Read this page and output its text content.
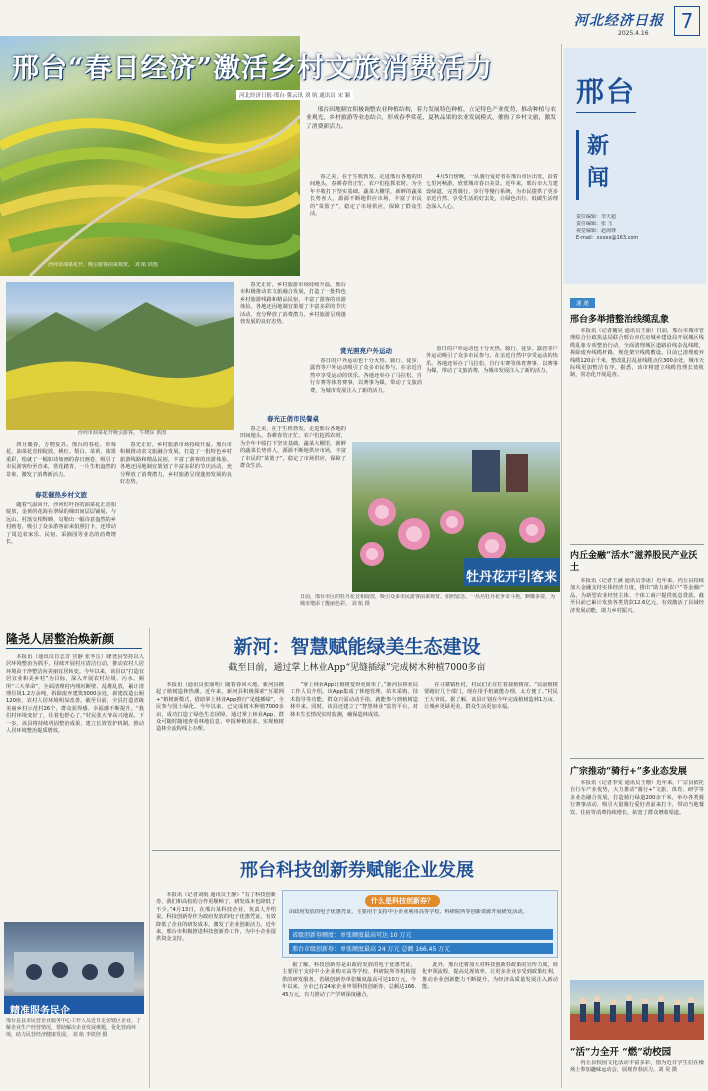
河北经济日报
2025.4.16
7
邢台
新闻
责任编辑：李天超
责任编辑：张 玉
视觉编辑：赵海锋
E-mail：xxxxx@163.com
速 递
邢台多举措整治线缆乱象
本报讯（记者魏昊 通讯员王丽）日前，邢台市城市管理综合行政执法局联合邢台市住房城乡建设局开展城区线缆乱象专项整治行动，全面清理城区道路沿线杂乱线缆，拆除废弃线缆杆路，规范架空线缆敷设。目前已清理废弃线缆120余千米，整改乱拉乱扯线缆点位300余处，城市天际线更加整洁有序。据悉，该市将建立线缆管理长效机制，常态化开展巡查。
内丘金融“活水”滋养股民产业沃土
本报讯（记者王满 通讯员李冰）近年来，内丘县持续加大金融支持实体经济力度，推出“助力新农户”等金融产品，为新型农业经营主体、个体工商户提供低息贷款，截至目前已累计发放各类贷款12.6亿元，有效激活了县域经济发展动能，助力乡村振兴。
广宗推动“骑行+”多业态发展
本报讯（记者李雯 通讯员王珊）近年来，广宗县依托自行车产业优势，大力推动“骑行+”文旅、体育、研学等多业态融合发展，打造骑行绿道200余千米，举办各类骑行赛事活动，吸引大量骑行爱好者前来打卡，带动当地餐饮、住宿等消费持续增长，拓宽了群众增收渠道。
“活”力全开 “燃”动校园
内丘县校园文化活动丰富多彩，图为近日学生们在操场上参加趣味运动会，展现青春活力。刘 昊 摄
邢台“春日经济”激活乡村文旅消费活力
河北经济日报·邢台·冀云讯 刘 航 通讯员 宋 颖
沙河市油菜花开，吸引游客前来观赏。 刘 航 供图
邢台因地制宜积极调整农业种植结构，着力发展特色种植，立足特色产业优势，推动种植与农业观光、乡村旅游等业态结合，形成春季赏花、夏秋品果的农业发展模式，催热了乡村文旅，激发了消费新活力。
春之美，在于生机勃发。走进邢台各地的田间地头，春耕春管正忙，农户们抢抓农时，为全年丰收打下坚实基础。蔬菜大棚里，新鲜的蔬菜长势喜人，源源不断地供应市场，丰富了市民的“菜篮子”，稳定了市场供应，保障了群众生活。
4月5日傍晚，一队骑行爱好者在邢台市区出发，沿着七里河畅游，欣赏城市春日美景。近年来，邢台市大力建设绿道，完善骑行、步行等慢行系统，为市民提供了更多亲近自然、享受生活的好去处，让绿色出行、低碳生活理念深入人心。
春日的户外运动也十分火热。骑行、徒步、露营等户外运动吸引了众多市民参与，在亲近自然中享受运动的快乐。各地还举办了马拉松、自行车赛等体育赛事，以赛事为媒，带动了文旅消费，为城市发展注入了新的活力。
赏光照亮户外运动
春日的户外运动也十分火热。骑行、徒步、露营等户外运动吸引了众多市民参与，在亲近自然中享受运动的快乐。各地还举办了马拉松、自行车赛等体育赛事，以赛事为媒，带动了文旅消费，为城市发展注入了新的活力。
沙河市油菜花开吸引游客。 牛晓东 供图
四月暖春，万物复苏。邢台的春花、草莓花、油菜花竞相绽放，桃红、梨白、菜黄，浓墨重彩，绘就了一幅如诗如画的春日画卷，吸引了市民游客纷至沓来，赏花踏青，一片生机盎然的景象，激发了消费新活力。
春花催热乡村文旅
随着气温回升，沙河红叶谷的油菜花正竞相绽放，金黄的花海在翠绿的梯田间层层铺展，与远山、村落交相辉映，勾勒出一幅诗意盎然的乡村画卷，吸引了众多游客前来拍照打卡，还带动了周边农家乐、民宿、采摘园等业态的消费增长。
春光正好，乡村旅游市场持续升温。邢台市积极推动农文旅融合发展，打造了一批特色乡村旅游线路和精品民宿，丰富了游客的出游体验。各地还因地制宜策划了丰富多彩的节庆活动，充分释放了消费潜力，乡村旅游呈现蓬勃发展的良好态势。
春光正好，乡村旅游市场持续升温。邢台市积极推动农文旅融合发展，打造了一批特色乡村旅游线路和精品民宿，丰富了游客的出游体验。各地还因地制宜策划了丰富多彩的节庆活动，充分释放了消费潜力，乡村旅游呈现蓬勃发展的良好态势。
春光正俏市民餐桌
春之美，在于生机勃发。走进邢台各地的田间地头，春耕春管正忙，农户们抢抓农时，为全年丰收打下坚实基础。蔬菜大棚里，新鲜的蔬菜长势喜人，源源不断地供应市场，丰富了市民的“菜篮子”，稳定了市场供应，保障了群众生活。
牡丹花开引客来
日前，邢台市区的牡丹花竞相绽放，吸引众多市民游客前来观赏、拍照留念。一丛丛牡丹花争奇斗艳，婀娜多姿，为城市增添了靓丽色彩。 刘 航 摄
隆尧人居整治焕新颜
本报讯（通讯员肖志芳 宫静 张冬岳）隆尧县坚持以人居环境整治为抓手，持续开展村庄清洁行动，推动农村人居环境由干净整洁向美丽宜居转变。今年以来，该县以“打造宜居宜业和美乡村”为目标，深入开展农村垃圾、污水、厕所“三大革命”，全面清理村内残垣断壁、乱堆乱放，累计清理垃圾1.2万余吨，拆除废弃建筑3000余处，新建改造公厕120座，农村人居环境明显改善。截至目前，全县打造省级美丽乡村示范村26个，群众获得感、幸福感不断提升。“我们村环境变好了，住着也舒心了。”村民张大爷高兴地说。下一步，该县将持续巩固整治成果，建立长效管护机制，推动人居环境整治提质增效。
精准服务民企
邢台县县市民营企业服务中心工作人员近日走访辖区企业，了解企业生产经营情况，帮助解决企业发展难题，优化营商环境，助力民营经济健康发展。 刘 航 李铁创 摄
新河：智慧赋能绿美生态建设
截至目前，通过掌上林业App“见缝插绿”完成树木种植7000多亩
本报讯（通讯员张丽明）随着春回大地，新河县掀起了植树造林热潮。近年来，新河县积极探索“互联网+”植树新模式，借助掌上林业App推行“见缝插绿”，全民参与国土绿化。今年以来，已完成树木种植7000多亩，成功打造了绿色生态屏障。通过掌上林业App，群众可随时随地查看林地信息、申报种植需求，实现植树造林全流程线上办理。
“掌上林业App让植树变得更简单了。”新河县林业局工作人员介绍，该App集成了林地管理、苗木采购、技术指导等功能，群众只需动动手指，就能参与到植树造林中来。同时，该县还建立了“智慧林业”监管平台，对林木生长情况实时监测，确保造林成效。
在寻寨镇杜村，村民们正在忙着栽植树苗。“以前植树要跑好几个部门，现在用手机就能办理，太方便了。”村民王大爷说。据了解，该县计划在今年完成植树造林1万亩，让城乡更绿更美，群众生活更加幸福。
邢台科技创新券赋能企业发展
本报讯（记者刘航 通讯员王静）“有了科技创新券，我们和高校的合作更顺畅了，研发成本也降低了不少。”4月13日，在邢台某科技企业，负责人介绍说。科技创新券作为政府发放的电子优惠凭证，有效降低了企业的研发成本，激发了企业创新活力。近年来，邢台市积极推进科技创新券工作，为中小企业提供资金支持。
什么是科技创新券？
由政府发放的电子优惠凭证，主要用于支持中小企业利用高等学校、科研院所等创新资源开展研发活动。
省级创新券额度：单张额度最高可达 10 万元
邢台市级创新券：单张额度最高 24 万元 总额 166.45 万元
据了解，科技创新券是由政府发放的电子优惠凭证，主要用于支持中小企业购买高等学校、科研院所等机构提供的研发服务。省级创新券单张额度最高可达10万元，今年以来，全市已有24家企业申领科技创新券，总额达166.45万元，有力推动了产学研深度融合。
此外，邢台还将加大对科技创新券政策的宣传力度，简化申领流程，提高兑现效率，让更多企业享受到政策红利，推动企业创新能力不断提升，为经济高质量发展注入新动能。
